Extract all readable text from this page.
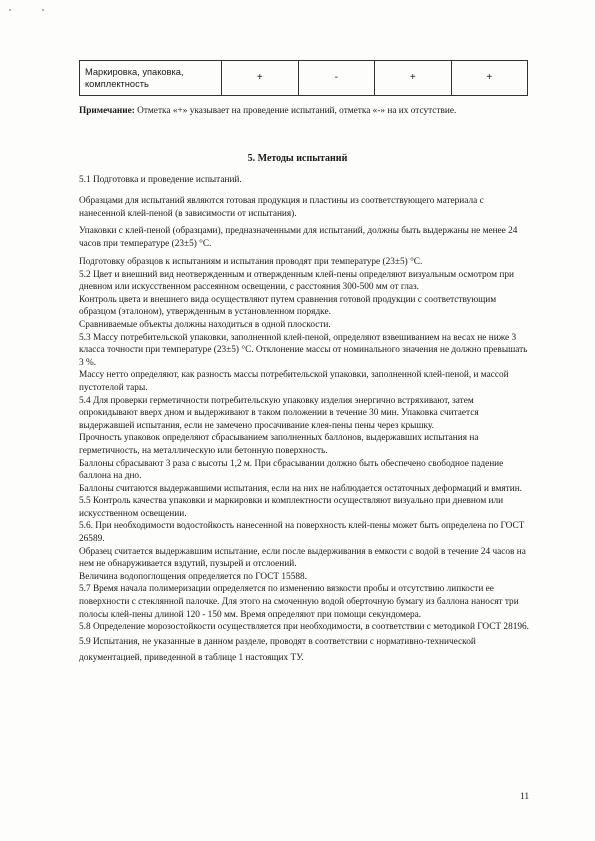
Маркировка, упаковка, комплектность	+	-	+	+
Примечание: Отметка «+» указывает на проведение испытаний, отметка «-» на их отсутствие.
5. Методы испытаний
5.1 Подготовка и проведение испытаний.
Образцами для испытаний являются готовая продукция и пластины из соответствующего материала с нанесенной клей-пеной (в зависимости от испытания).
Упаковки с клей-пеной (образцами), предназначенными для испытаний, должны быть выдержаны не менее 24 часов при температуре (23±5) °С.

Подготовку образцов к испытаниям и испытания проводят при температуре (23±5) °С.

5.2 Цвет и внешний вид неотвержденным и отвержденным клей-пены определяют визуальным осмотром при дневном или искусственном рассеянном освещении, с расстояния 300-500 мм от глаз.

Контроль цвета и внешнего вида осуществляют путем сравнения готовой продукции с соответствующим образцом (эталоном), утвержденным в установленном порядке.

Сравниваемые объекты должны находиться в одной плоскости.

5.3 Массу потребительской упаковки, заполненной клей-пеной, определяют взвешиванием на весах не ниже 3 класса точности при температуре (23±5) °С. Отклонение массы от номинального значения не должно превышать 3 %.

Массу нетто определяют, как разность массы потребительской упаковки, заполненной клей-пеной, и массой пустотелой тары.

5.4 Для проверки герметичности потребительскую упаковку изделия энергично встряхивают, затем опрокидывают вверх дном и выдерживают в таком положении в течение 30 мин. Упаковка считается выдержавшей испытания, если не замечено просачивание клея-пены пены через крышку.

Прочность упаковок определяют сбрасыванием заполненных баллонов, выдержавших испытания на герметичность, на металлическую или бетонную поверхность.

Баллоны сбрасывают 3 раза с высоты 1,2 м. При сбрасывании должно быть обеспечено свободное падение баллона на дно.

Баллоны считаются выдержавшими испытания, если на них не наблюдается остаточных деформаций и вмятин.

5.5 Контроль качества упаковки и маркировки и комплектности осуществляют визуально при дневном или искусственном освещении.

5.6. При необходимости водостойкость нанесенной на поверхность клей-пены может быть определена по ГОСТ 26589.

Образец считается выдержавшим испытание, если после выдерживания в емкости с водой в течение 24 часов на нем не обнаруживается вздутий, пузырей и отслоений.

Величина водопоглощения определяется по ГОСТ 15588.

5.7 Время начала полимеризации определяется по изменению вязкости пробы и отсутствию липкости ее поверхности с стеклянной палочке. Для этого на смоченную водой оберточную бумагу из баллона наносят три полосы клей-пены длиной 120 - 150 мм. Время определяют при помощи секундомера.

5.8 Определение морозостойкости осуществляется при необходимости, в соответствии с методикой ГОСТ 28196.

5.9 Испытания, не указанные в данном разделе, проводят в соответствии с нормативно-технической документацией, приведенной в таблице 1 настоящих ТУ.

11
